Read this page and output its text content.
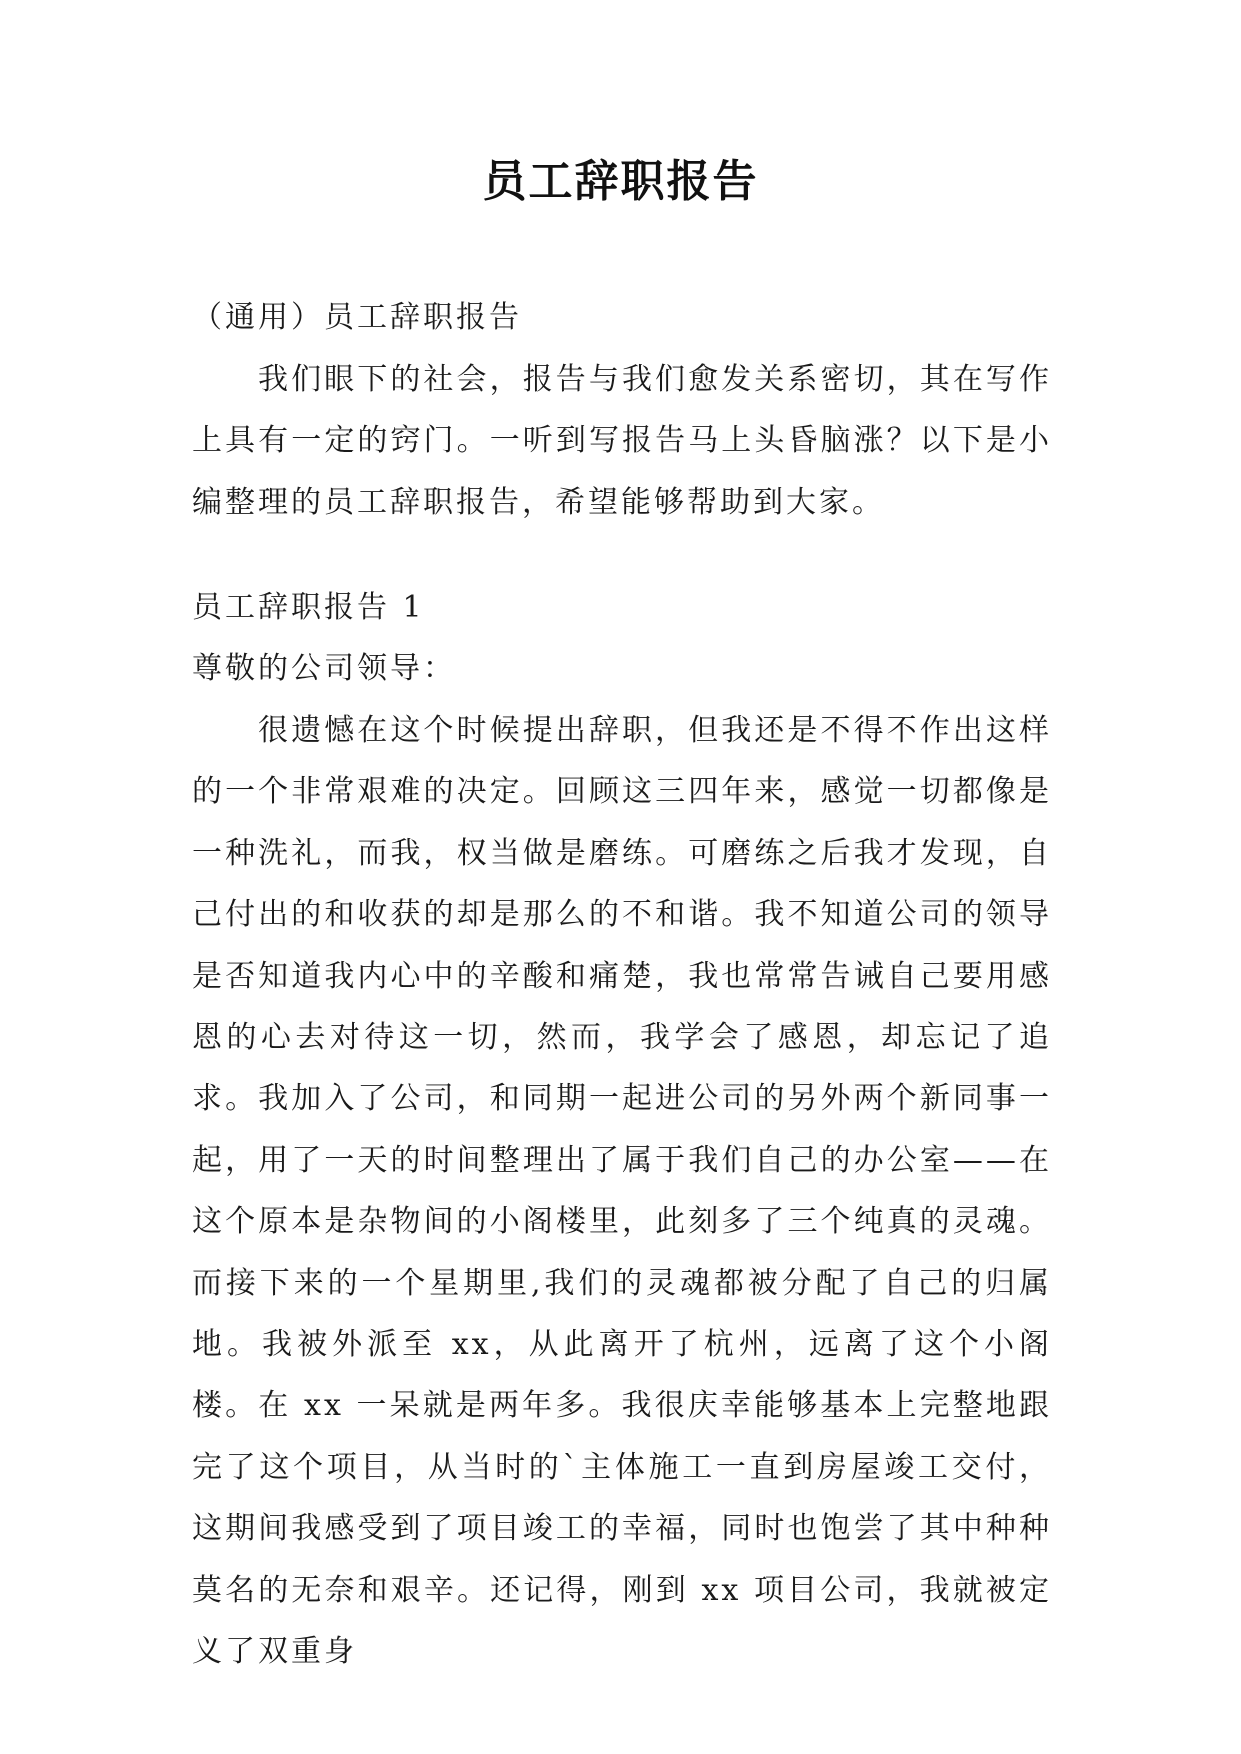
员工辞职报告

（通用）员工辞职报告

我们眼下的社会，报告与我们愈发关系密切，其在写作上具有一定的窍门。一听到写报告马上头昏脑涨？以下是小编整理的员工辞职报告，希望能够帮助到大家。

员工辞职报告 1

尊敬的公司领导：

很遗憾在这个时候提出辞职，但我还是不得不作出这样的一个非常艰难的决定。回顾这三四年来，感觉一切都像是一种洗礼，而我，权当做是磨练。可磨练之后我才发现，自己付出的和收获的却是那么的不和谐。我不知道公司的领导是否知道我内心中的辛酸和痛楚，我也常常告诫自己要用感恩的心去对待这一切，然而，我学会了感恩，却忘记了追求。我加入了公司，和同期一起进公司的另外两个新同事一起，用了一天的时间整理出了属于我们自己的办公室——在这个原本是杂物间的小阁楼里，此刻多了三个纯真的灵魂。而接下来的一个星期里,我们的灵魂都被分配了自己的归属地。我被外派至 xx，从此离开了杭州，远离了这个小阁楼。在 xx 一呆就是两年多。我很庆幸能够基本上完整地跟完了这个项目，从当时的`主体施工一直到房屋竣工交付，这期间我感受到了项目竣工的幸福，同时也饱尝了其中种种莫名的无奈和艰辛。还记得，刚到 xx 项目公司，我就被定义了双重身
